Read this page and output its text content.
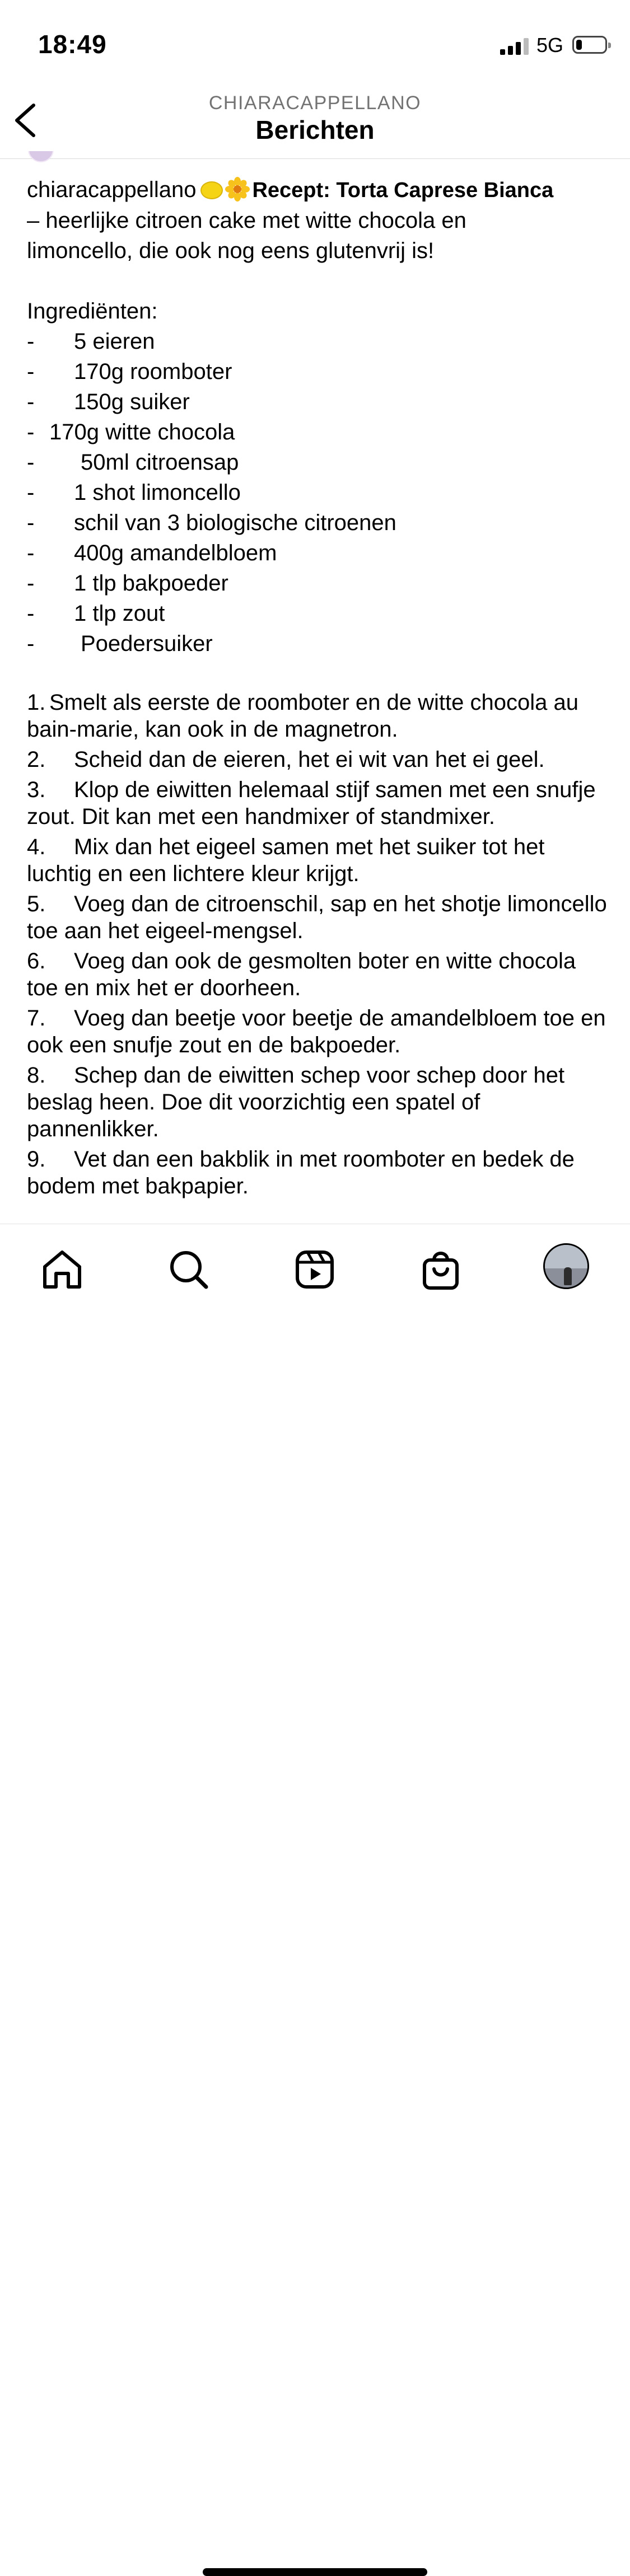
18:49	5G
CHIARACAPPELLANO
Berichten

chiaracappellano	Recept: Torta Caprese Bianca

– heerlijke citroen cake met witte chocola en

limoncello, die ook nog eens glutenvrij is!

Ingrediënten:

-	5 eieren
-	170g roomboter
-	150g suiker
- 170g witte chocola
-	50ml citroensap
-	1 shot limoncello
-	schil van 3 biologische citroenen
-	400g amandelbloem
-	1 tlp bakpoeder
-	1 tlp zout
-	Poedersuiker

1. Smelt als eerste de roomboter en de witte chocola au bain-marie, kan ook in de magnetron.

2. Scheid dan de eieren, het ei wit van het ei geel.

3. Klop de eiwitten helemaal stijf samen met een snufje zout. Dit kan met een handmixer of standmixer.

4. Mix dan het eigeel samen met het suiker tot het luchtig en een lichtere kleur krijgt.

5. Voeg dan de citroenschil, sap en het shotje limoncello toe aan het eigeel-mengsel.

6. Voeg dan ook de gesmolten boter en witte chocola toe en mix het er doorheen.

7. Voeg dan beetje voor beetje de amandelbloem toe en ook een snufje zout en de bakpoeder.

8. Schep dan de eiwitten schep voor schep door het beslag heen. Doe dit voorzichtig een spatel of pannenlikker.

9. Vet dan een bakblik in met roomboter en bedek de bodem met bakpapier.
